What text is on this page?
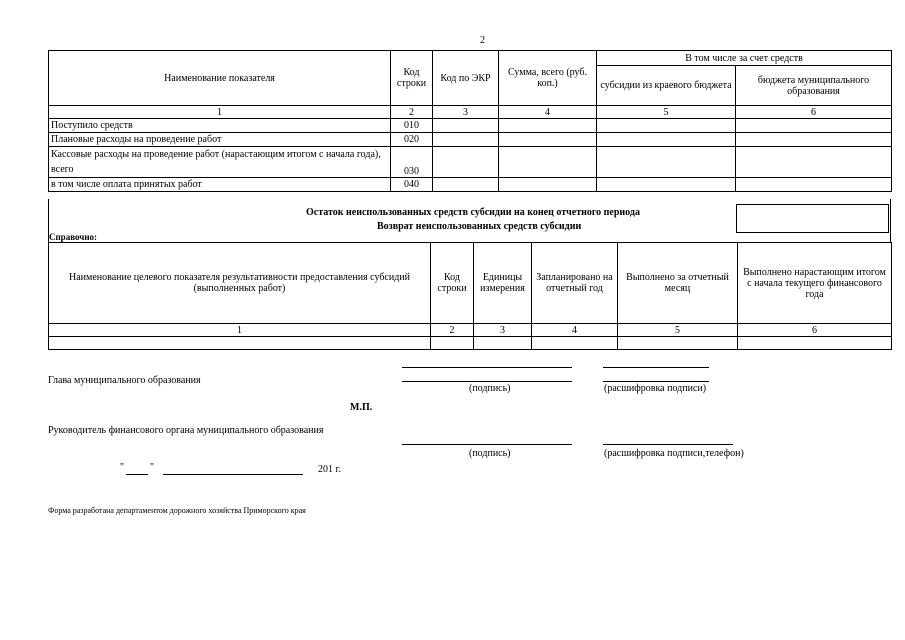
2
Наименование показателя	Код строки	Код по ЭКР	Сумма, всего (руб. коп.)	В том числе за счет средств	
				субсидии из краевого бюджета	бюджета муниципального образования
1	2	3	4	5	6
Поступило средств	010				
Плановые расходы на проведение работ	020				
Кассовые расходы на проведение работ (нарастающим итогом с начала года), всего	030				
в том числе оплата принятых работ	040				
Остаток неиспользованных средств субсидии на конец отчетного периода
Возврат неиспользованных средств субсидии
Справочно:
Наименование целевого показателя результативности предоставления субсидий (выполненных работ)	Код строки	Единицы измерения	Запланировано на отчетный год	Выполнено за отчетный месяц	Выполнено нарастающим итогом с начала текущего финансового года
1	2	3	4	5	6

Глава муниципального образования
(подпись)	(расшифровка подписи)
М.П.
Руководитель финансового органа муниципального образования
(подпись)	(расшифровка подписи,телефон)
"	"	201 г.
Форма разработана департаментом дорожного хозяйства Приморского края
